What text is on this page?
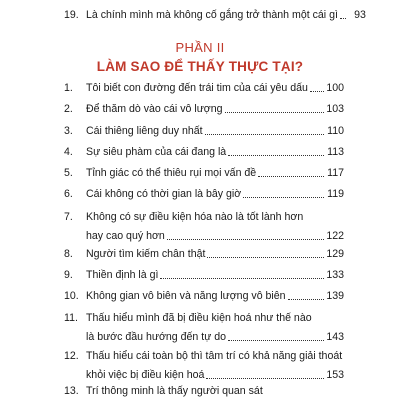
19. Là chính mình mà không cố gắng trở thành một cái gì	93
PHẦN II
LÀM SAO ĐỂ THẤY THỰC TẠI?
1.	Tôi biết con đường đến trái tim của cái yêu dấu 100
2.	Để thăm dò vào cái vô lượng	103
3.	Cái thiêng liêng duy nhất	110
4.	Sự siêu phàm của cái đang là	113
5.	Tỉnh giác có thể thiêu rụi mọi vấn đề	117
6.	Cái không có thời gian là bây giờ	119
7.	Không có sự điều kiện hóa nào là tốt lành hơn
hay cao quý hơn	122
8.	Người tìm kiếm chân thật	129
9.	Thiền định là gì	133
10. Không gian vô biên và năng lượng vô biên	139
11. Thấu hiểu mình đã bị điều kiện hoá như thế nào
là bước đầu hướng đến tự do	143
12. Thấu hiểu cái toàn bộ thì tâm trí có khả năng giải thoát
khỏi việc bị điều kiện hoá	153
13. Trí thông minh là thấy người quan sát
